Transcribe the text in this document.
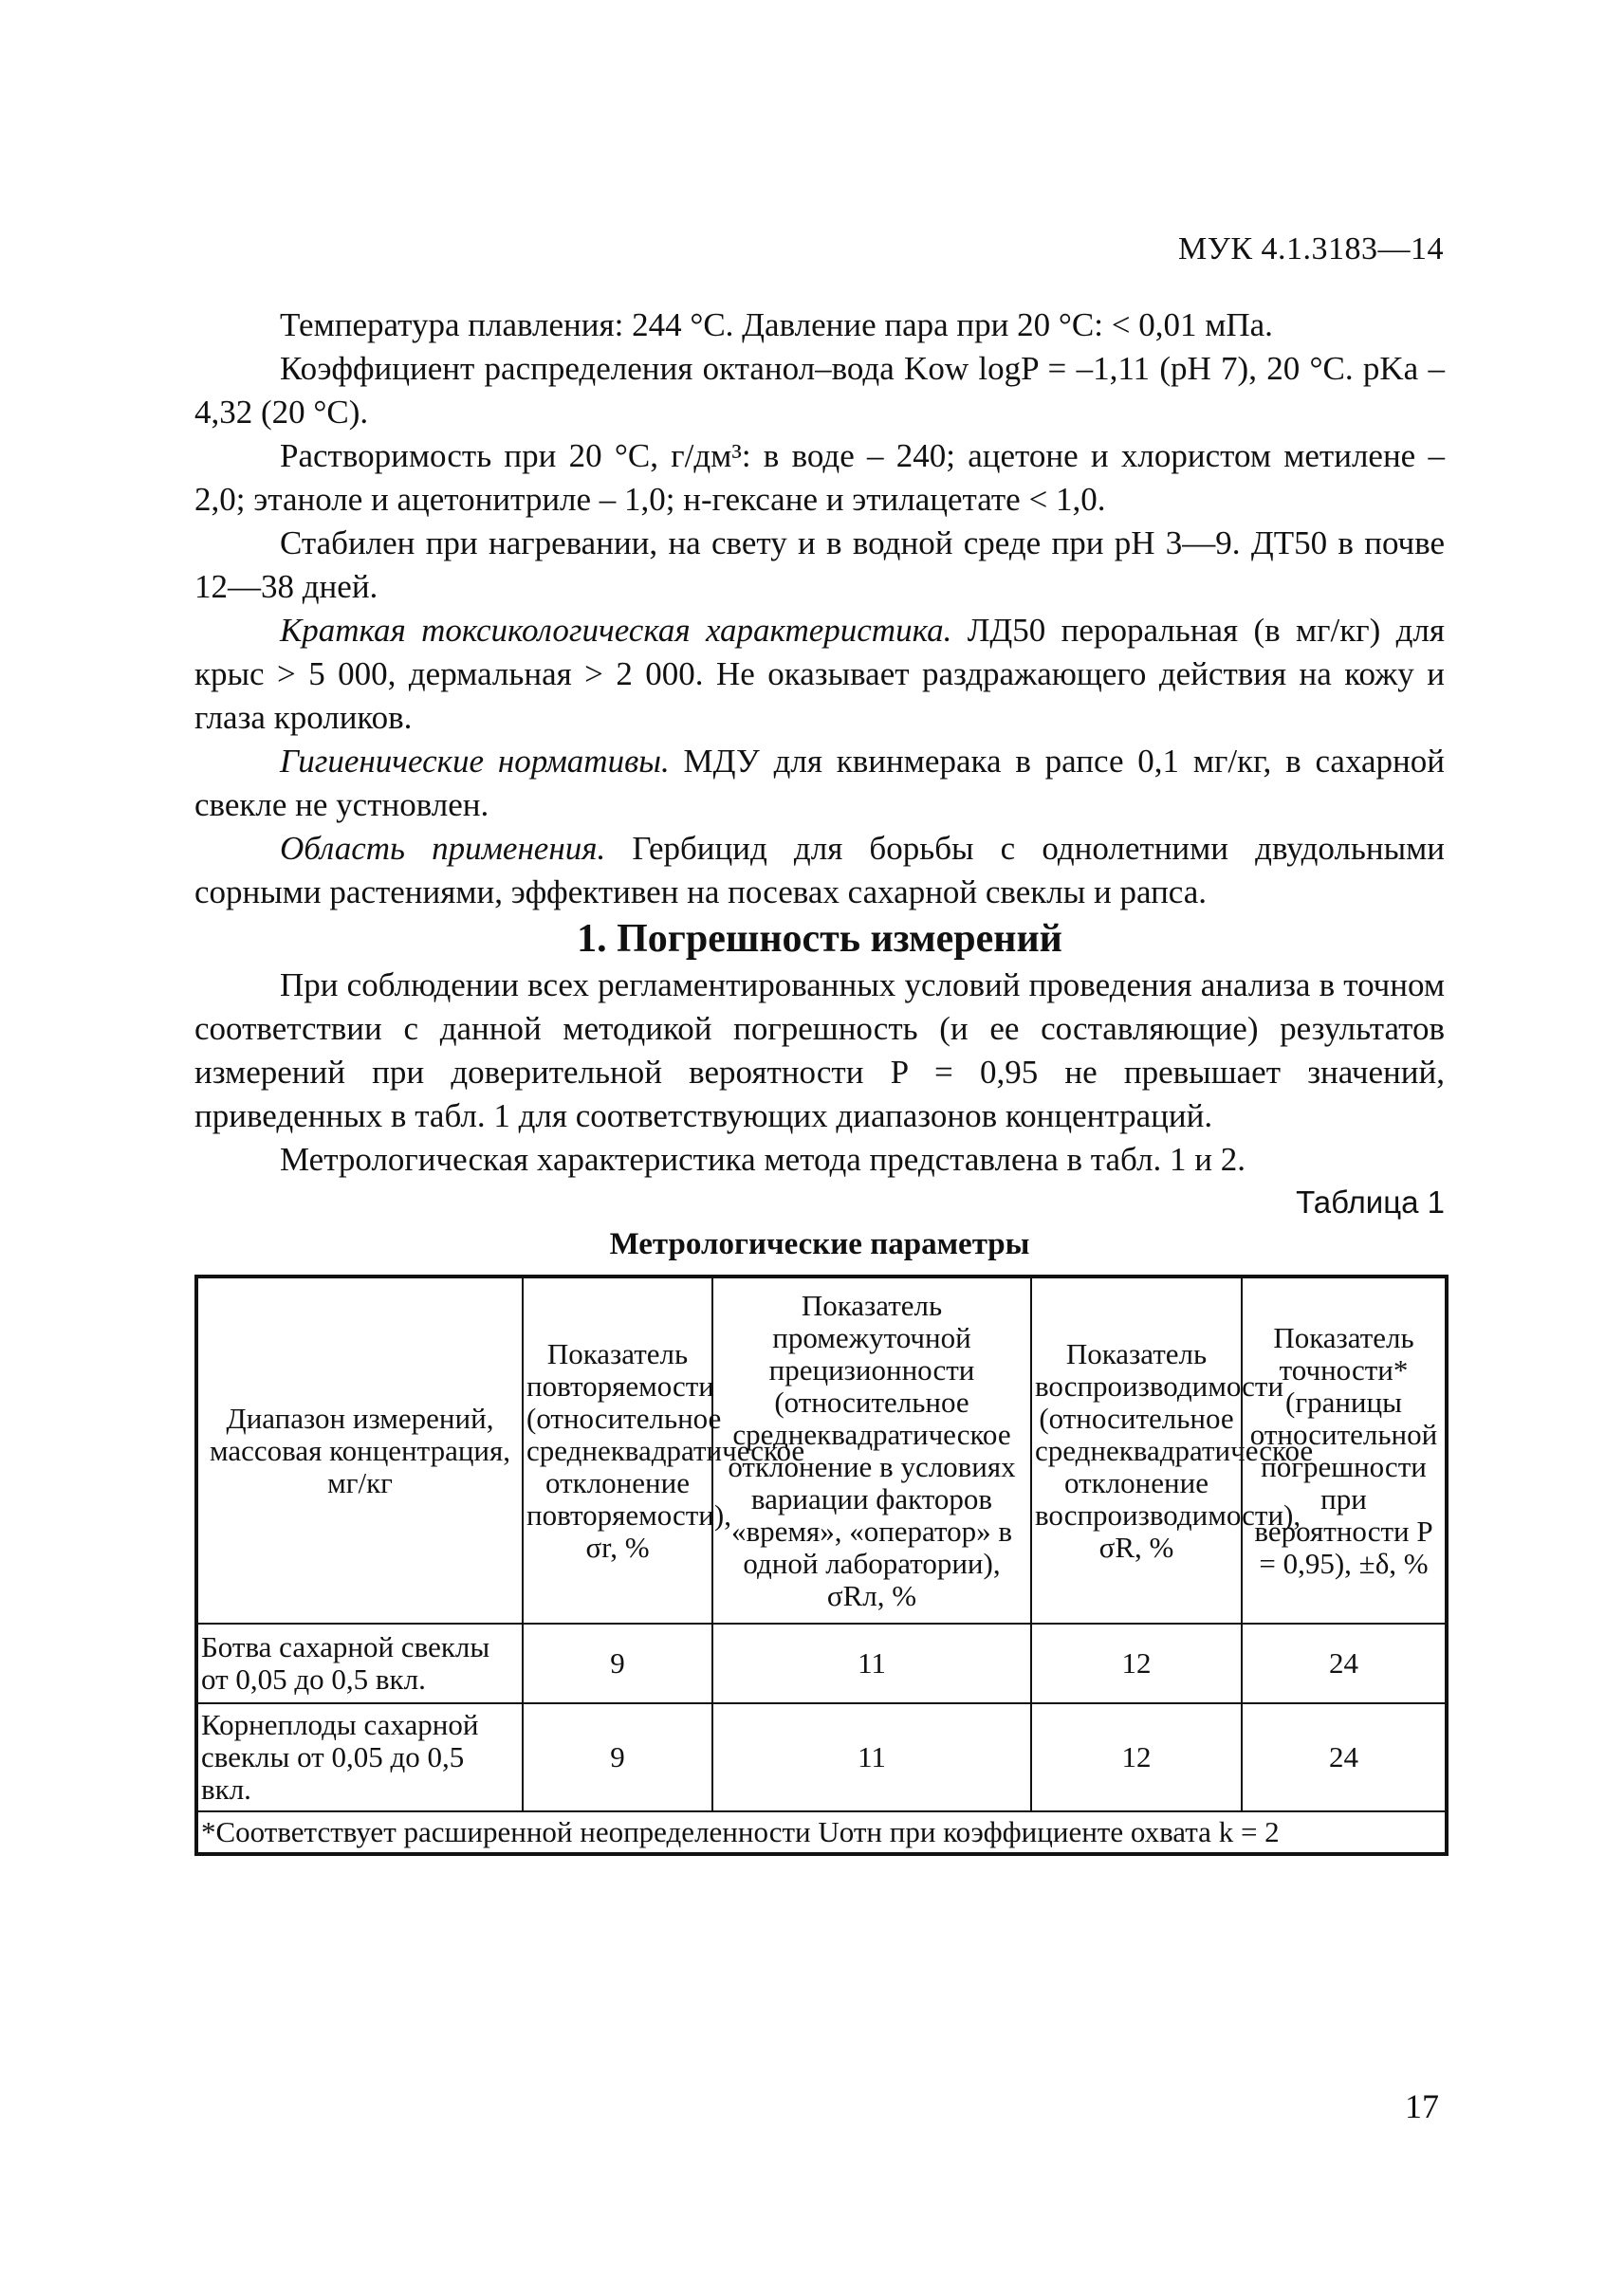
МУК 4.1.3183—14

Температура плавления: 244 °С. Давление пара при 20 °С: < 0,01 мПа.

Коэффициент распределения октанол–вода Kow logP = –1,11 (pH 7), 20 °С. pKa – 4,32 (20 °С).

Растворимость при 20 °С, г/дм³: в воде – 240; ацетоне и хлористом метилене – 2,0; этаноле и ацетонитриле – 1,0; н-гексане и этилацетате < 1,0.

Стабилен при нагревании, на свету и в водной среде при pH 3—9. ДТ50 в почве 12—38 дней.

Краткая токсикологическая характеристика. ЛД50 пероральная (в мг/кг) для крыс > 5 000, дермальная > 2 000. Не оказывает раздражающего действия на кожу и глаза кроликов.

Гигиенические нормативы. МДУ для квинмерака в рапсе 0,1 мг/кг, в сахарной свекле не устновлен.

Область применения. Гербицид для борьбы с однолетними двудольными сорными растениями, эффективен на посевах сахарной свеклы и рапса.

1. Погрешность измерений

При соблюдении всех регламентированных условий проведения анализа в точном соответствии с данной методикой погрешность (и ее составляющие) результатов измерений при доверительной вероятности P = 0,95 не превышает значений, приведенных в табл. 1 для соответствующих диапазонов концентраций.

Метрологическая характеристика метода представлена в табл. 1 и 2.

Таблица 1
Метрологические параметры
Диапазон измерений, массовая концентрация, мг/кг	Показатель повторяемости (относительное среднеквадратическое отклонение повторяемости), σr, %	Показатель промежуточной прецизионности (относительное среднеквадратическое отклонение в условиях вариации факторов «время», «оператор» в одной лаборатории), σRл, %	Показатель воспроизводимости (относительное среднеквадратическое отклонение воспроизводимости), σR, %	Показатель точности* (границы относительной погрешности при вероятности P = 0,95), ±δ, %
Ботва сахарной свеклы от 0,05 до 0,5 вкл.	9	11	12	24
Корнеплоды сахарной свеклы от 0,05 до 0,5 вкл.	9	11	12	24
*Соответствует расширенной неопределенности Uотн при коэффициенте охвата k = 2				
17
